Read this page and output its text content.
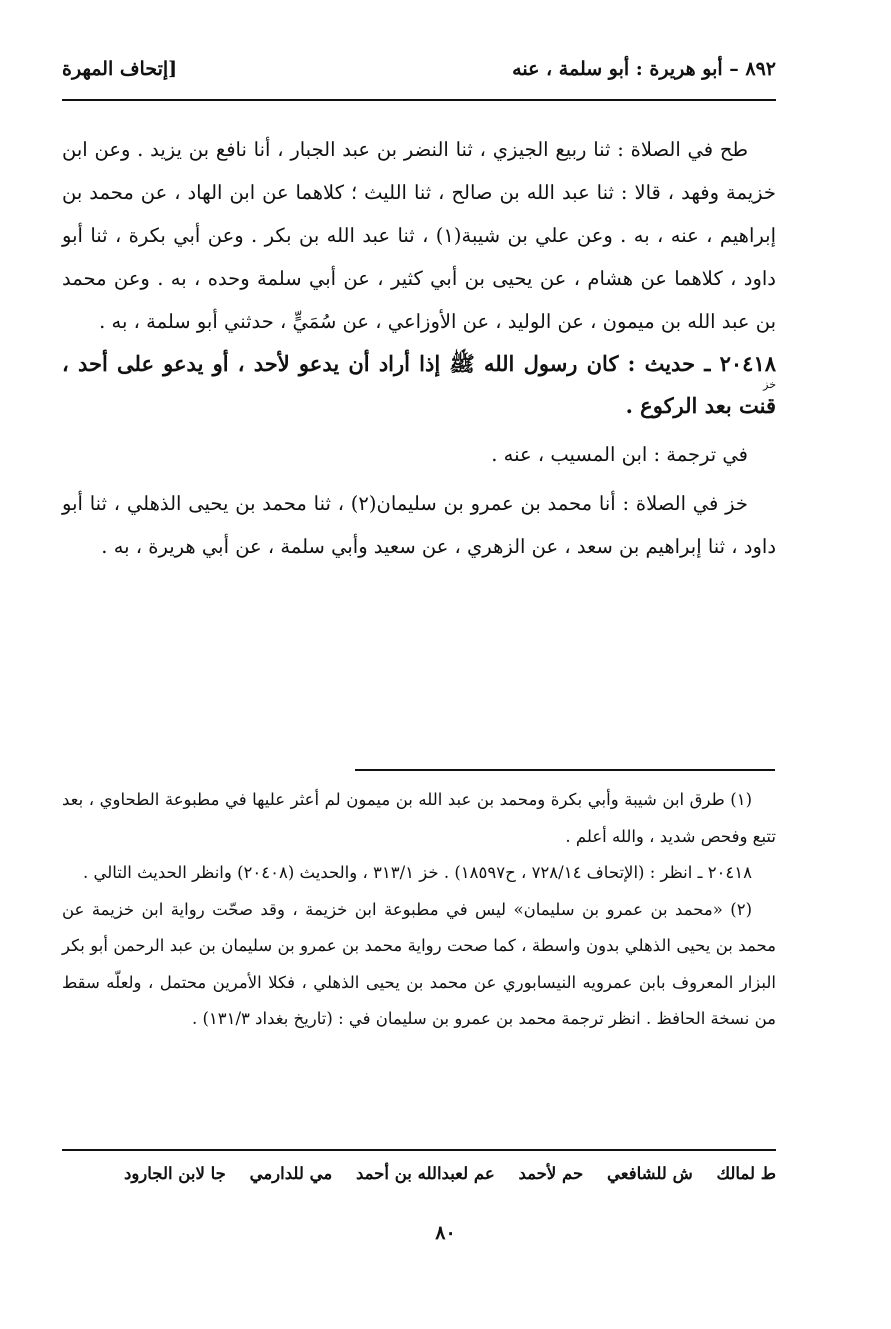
٨٩٢ – أبو هريرة : أبو سلمة ، عنه
[إتحاف المهرة

طح في الصلاة : ثنا ربيع الجيزي ، ثنا النضر بن عبد الجبار ، أنا نافع بن يزيد . وعن ابن خزيمة وفهد ، قالا : ثنا عبد الله بن صالح ، ثنا الليث ؛ كلاهما عن ابن الهاد ، عن محمد بن إبراهيم ، عنه ، به . وعن علي بن شيبة(١) ، ثنا عبد الله بن بكر . وعن أبي بكرة ، ثنا أبو داود ، كلاهما عن هشام ، عن يحيى بن أبي كثير ، عن أبي سلمة وحده ، به . وعن محمد بن عبد الله بن ميمون ، عن الوليد ، عن الأوزاعي ، عن سُمَيٍّ ، حدثني أبو سلمة ، به .

٢٠٤١٨ ـ حديث : كان رسول الله ﷺ إذا أراد أن يدعو لأحد ، أو يدعو على أحد ، قنت بعد الركوع .
خز

في ترجمة : ابن المسيب ، عنه .

خز في الصلاة : أنا محمد بن عمرو بن سليمان(٢) ، ثنا محمد بن يحيى الذهلي ، ثنا أبو داود ، ثنا إبراهيم بن سعد ، عن الزهري ، عن سعيد وأبي سلمة ، عن أبي هريرة ، به .

(١) طرق ابن شيبة وأبي بكرة ومحمد بن عبد الله بن ميمون لم أعثر عليها في مطبوعة الطحاوي ، بعد تتبع وفحص شديد ، والله أعلم .

٢٠٤١٨ ـ انظر : (الإتحاف ٧٢٨/١٤ ، ح١٨٥٩٧) . خز ٣١٣/١ ، والحديث (٢٠٤٠٨) وانظر الحديث التالي .

(٢) «محمد بن عمرو بن سليمان» ليس في مطبوعة ابن خزيمة ، وقد صحّت رواية ابن خزيمة عن محمد بن يحيى الذهلي بدون واسطة ، كما صحت رواية محمد بن عمرو بن سليمان بن عبد الرحمن أبو بكر البزار المعروف بابن عمرويه النيسابوري عن محمد بن يحيى الذهلي ، فكلا الأمرين محتمل ، ولعلّه سقط من نسخة الحافظ . انظر ترجمة محمد بن عمرو بن سليمان في : (تاريخ بغداد ١٣١/٣) .

ط لمالك ش للشافعي حم لأحمد عم لعبدالله بن أحمد مي للدارمي جا لابن الجارود
٨٠
